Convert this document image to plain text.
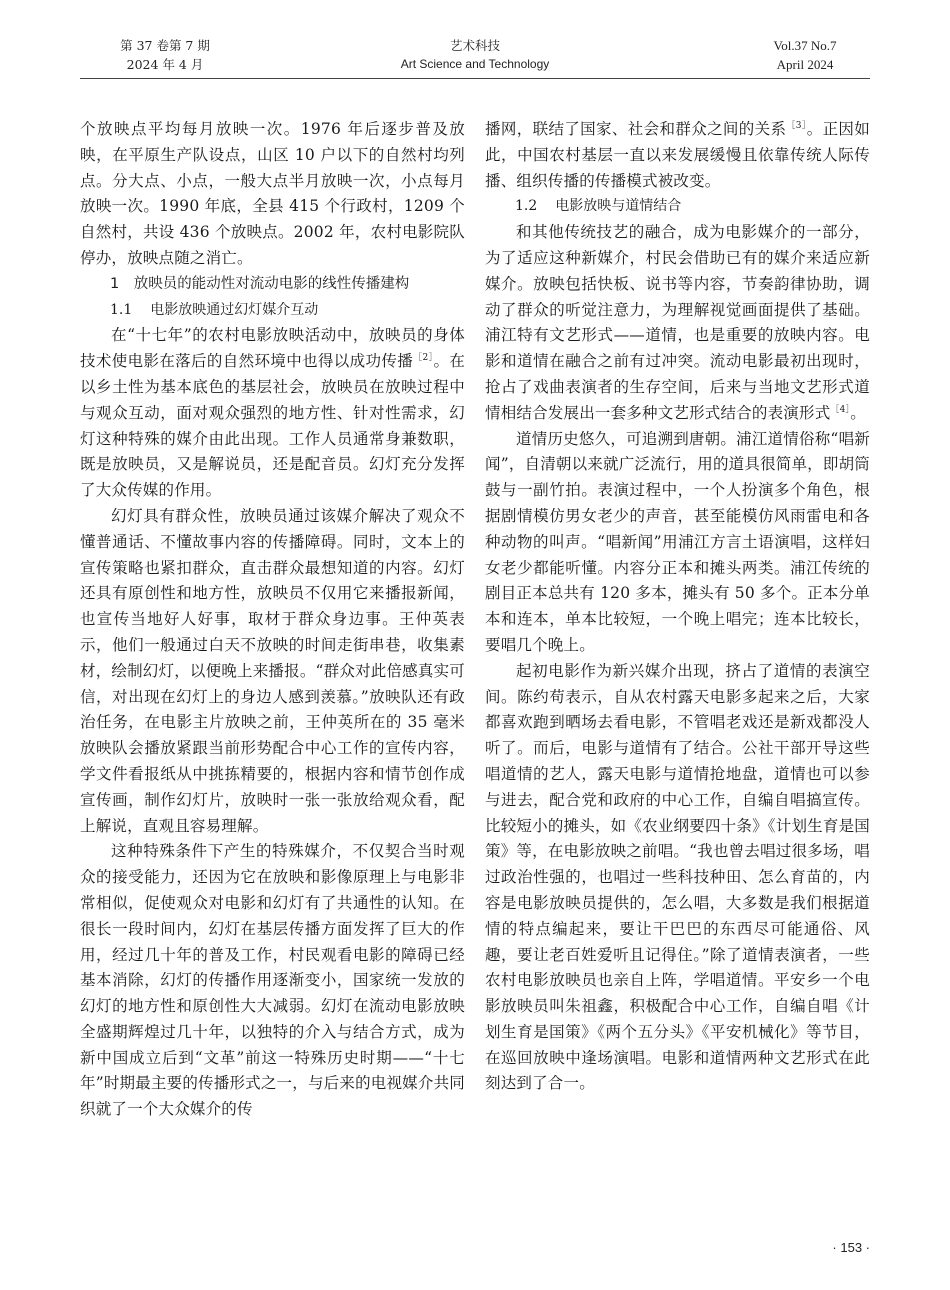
第 37 卷第 7 期
2024 年 4 月
艺术科技
Art Science and Technology
Vol.37 No.7
April 2024

个放映点平均每月放映一次。1976 年后逐步普及放映，在平原生产队设点，山区 10 户以下的自然村均列点。分大点、小点，一般大点半月放映一次，小点每月放映一次。1990 年底，全县 415 个行政村，1209 个自然村，共设 436 个放映点。2002 年，农村电影院队停办，放映点随之消亡。

1　放映员的能动性对流动电影的线性传播建构

1.1 电影放映通过幻灯媒介互动

在“十七年”的农村电影放映活动中，放映员的身体技术使电影在落后的自然环境中也得以成功传播$^{[2]}$。在以乡土性为基本底色的基层社会，放映员在放映过程中与观众互动，面对观众强烈的地方性、针对性需求，幻灯这种特殊的媒介由此出现。工作人员通常身兼数职，既是放映员，又是解说员，还是配音员。幻灯充分发挥了大众传媒的作用。

幻灯具有群众性，放映员通过该媒介解决了观众不懂普通话、不懂故事内容的传播障碍。同时，文本上的宣传策略也紧扣群众，直击群众最想知道的内容。幻灯还具有原创性和地方性，放映员不仅用它来播报新闻，也宣传当地好人好事，取材于群众身边事。王仲英表示，他们一般通过白天不放映的时间走街串巷，收集素材，绘制幻灯，以便晚上来播报。“群众对此倍感真实可信，对出现在幻灯上的身边人感到羡慕。”放映队还有政治任务，在电影主片放映之前，王仲英所在的 35 毫米放映队会播放紧跟当前形势配合中心工作的宣传内容，学文件看报纸从中挑拣精要的，根据内容和情节创作成宣传画，制作幻灯片，放映时一张一张放给观众看，配上解说，直观且容易理解。

这种特殊条件下产生的特殊媒介，不仅契合当时观众的接受能力，还因为它在放映和影像原理上与电影非常相似，促使观众对电影和幻灯有了共通性的认知。在很长一段时间内，幻灯在基层传播方面发挥了巨大的作用，经过几十年的普及工作，村民观看电影的障碍已经基本消除，幻灯的传播作用逐渐变小，国家统一发放的幻灯的地方性和原创性大大减弱。幻灯在流动电影放映全盛期辉煌过几十年，以独特的介入与结合方式，成为新中国成立后到“文革”前这一特殊历史时期——“十七年”时期最主要的传播形式之一，与后来的电视媒介共同织就了一个大众媒介的传

播网，联结了国家、社会和群众之间的关系$^{[3]}$。正因如此，中国农村基层一直以来发展缓慢且依靠传统人际传播、组织传播的传播模式被改变。

1.2 电影放映与道情结合

和其他传统技艺的融合，成为电影媒介的一部分，为了适应这种新媒介，村民会借助已有的媒介来适应新媒介。放映包括快板、说书等内容，节奏韵律协助，调动了群众的听觉注意力，为理解视觉画面提供了基础。浦江特有文艺形式——道情，也是重要的放映内容。电影和道情在融合之前有过冲突。流动电影最初出现时，抢占了戏曲表演者的生存空间，后来与当地文艺形式道情相结合发展出一套多种文艺形式结合的表演形式$^{[4]}$。

道情历史悠久，可追溯到唐朝。浦江道情俗称“唱新闻”，自清朝以来就广泛流行，用的道具很简单，即胡筒鼓与一副竹拍。表演过程中，一个人扮演多个角色，根据剧情模仿男女老少的声音，甚至能模仿风雨雷电和各种动物的叫声。“唱新闻”用浦江方言土语演唱，这样妇女老少都能听懂。内容分正本和摊头两类。浦江传统的剧目正本总共有 120 多本，摊头有 50 多个。正本分单本和连本，单本比较短，一个晚上唱完；连本比较长，要唱几个晚上。

起初电影作为新兴媒介出现，挤占了道情的表演空间。陈约苟表示，自从农村露天电影多起来之后，大家都喜欢跑到晒场去看电影，不管唱老戏还是新戏都没人听了。而后，电影与道情有了结合。公社干部开导这些唱道情的艺人，露天电影与道情抢地盘，道情也可以参与进去，配合党和政府的中心工作，自编自唱搞宣传。比较短小的摊头，如《农业纲要四十条》《计划生育是国策》等，在电影放映之前唱。“我也曾去唱过很多场，唱过政治性强的，也唱过一些科技种田、怎么育苗的，内容是电影放映员提供的，怎么唱，大多数是我们根据道情的特点编起来，要让干巴巴的东西尽可能通俗、风趣，要让老百姓爱听且记得住。”除了道情表演者，一些农村电影放映员也亲自上阵，学唱道情。平安乡一个电影放映员叫朱祖鑫，积极配合中心工作，自编自唱《计划生育是国策》《两个五分头》《平安机械化》等节目，在巡回放映中逢场演唱。电影和道情两种文艺形式在此刻达到了合一。

· 153 ·
